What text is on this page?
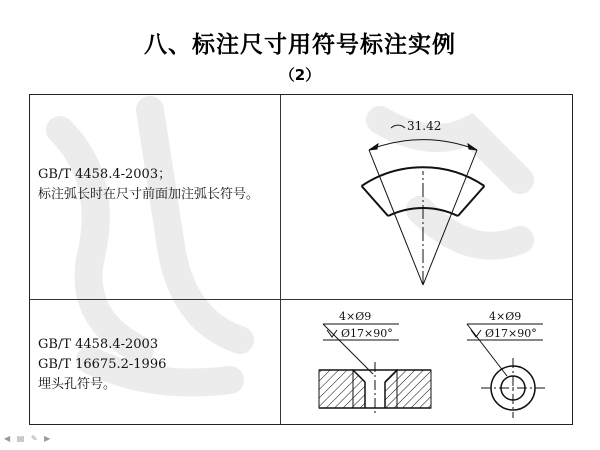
八、标注尺寸用符号标注实例
（2）
GB/T 4458.4-2003；
标注弧长时在尺寸前面加注弧长符号。
31.42
GB/T 4458.4-2003
GB/T 16675.2-1996
埋头孔符号。
4×Ø9
Ø17×90°
4×Ø9
Ø17×90°
◀ ▤ ✎ ▶
